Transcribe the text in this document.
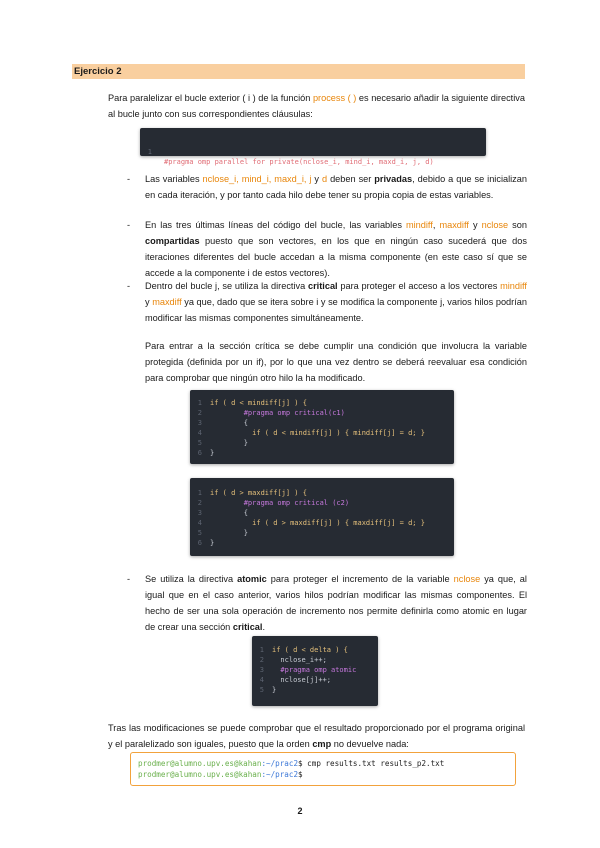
Ejercicio 2

Para paralelizar el bucle exterior ( i ) de la función process ( ) es necesario añadir la siguiente directiva al bucle junto con sus correspondientes cláusulas:

1

#pragma omp parallel for private(nclose_i, mind_i, maxd_i, j, d)

- Las variables nclose_i, mind_i, maxd_i, j y d deben ser privadas, debido a que se inicializan en cada iteración, y por tanto cada hilo debe tener su propia copia de estas variables.

- En las tres últimas líneas del código del bucle, las variables mindiff, maxdiff y nclose son compartidas puesto que son vectores, en los que en ningún caso sucederá que dos iteraciones diferentes del bucle accedan a la misma componente (en este caso sí que se accede a la componente i de estos vectores).

- Dentro del bucle j, se utiliza la directiva critical para proteger el acceso a los vectores mindiff y maxdiff ya que, dado que se itera sobre i y se modifica la componente j, varios hilos podrían modificar las mismas componentes simultáneamente.

Para entrar a la sección crítica se debe cumplir una condición que involucra la variable protegida (definida por un if), por lo que una vez dentro se deberá reevaluar esa condición para comprobar que ningún otro hilo la ha modificado.

1 if ( d < mindiff[j] ) {
2 #pragma omp critical(c1)
3 {
4 if ( d < mindiff[j] ) { mindiff[j] = d; }
5 }
6 }
1 if ( d > maxdiff[j] ) {
2 #pragma omp critical (c2)
3 {
4 if ( d > maxdiff[j] ) { maxdiff[j] = d; }
5 }
6 }
- Se utiliza la directiva atomic para proteger el incremento de la variable nclose ya que, al igual que en el caso anterior, varios hilos podrían modificar las mismas componentes. El hecho de ser una sola operación de incremento nos permite definirla como atomic en lugar de crear una sección critical.

1 if ( d < delta ) {
2 nclose_i++;
3 #pragma omp atomic
4 nclose[j]++;
5 }

Tras las modificaciones se puede comprobar que el resultado proporcionado por el programa original y el paralelizado son iguales, puesto que la orden cmp no devuelve nada:

prodmer@alumno.upv.es@kahan:~/prac2$ cmp results.txt results_p2.txt
prodmer@alumno.upv.es@kahan:~/prac2$
2
